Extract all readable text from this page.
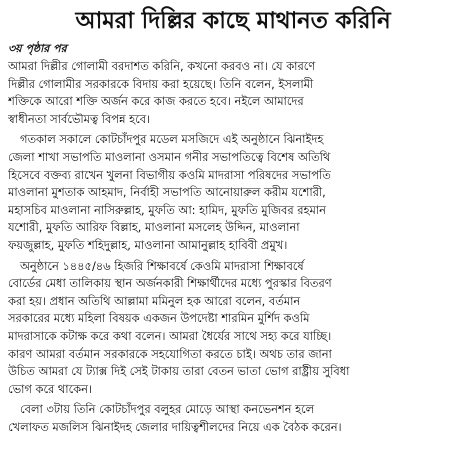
আমরা দিল্লির কাছে মাথানত করিনি
৩য় পৃষ্ঠার পর
আমরা দিল্লীর গোলামী বরদাশত করিনি, কখনো করবও না। যে কারণে
দিল্লীর গোলামীর সরকারকে বিদায় করা হয়েছে। তিনি বলেন, ইসলামী
শক্তিকে আরো শক্তি অর্জন করে কাজ করতে হবে। নইলে আমাদের
স্বাধীনতা সার্বভৌমত্ব বিপন্ন হবে।
গতকাল সকালে কোটচাঁদপুর মডেল মসজিদে এই অনুষ্ঠানে ঝিনাইদহ
জেলা শাখা সভাপতি মাওলানা ওসমান গনীর সভাপতিত্বে বিশেষ অতিথি
হিসেবে বক্তব্য রাখেন খুলনা বিভাগীয় কওমি মাদরাসা পরিষদের সভাপতি
মাওলানা মুশতাক আহমাদ, নির্বাহী সভাপতি আনোয়ারুল করীম যশোরী,
মহাসচিব মাওলানা নাসিরুল্লাহ, মুফতি আ: হামিদ, মুফতি মুজিবর রহমান
যশোরী, মুফতি আরিফ বিল্লাহ, মাওলানা মসলেহ উদ্দিন, মাওলানা
ফয়জুল্লাহ, মুফতি শহিদুল্লাহ, মাওলানা আমানুল্লাহ হাবিবী প্রমুখ।
অনুষ্ঠানে ১৪৪৫/৪৬ হিজরি শিক্ষাবর্ষে কেওমি মাদরাসা শিক্ষাবর্ষে
বোর্ডের মেধা তালিকায় স্থান অর্জনকারী শিক্ষার্থীদের মধ্যে পুরস্কার বিতরণ
করা হয়। প্রধান অতিথি আল্লামা মমিনুল হক আরো বলেন, বর্তমান
সরকারের মধ্যে মহিলা বিষয়ক একজন উপদেষ্টা শারমিন মুর্শিদ কওমি
মাদরাসাকে কটাক্ষ করে কথা বলেন। আমরা ধৈর্যের সাথে সহ্য করে যাচ্ছি।
কারণ আমরা বর্তমান সরকারকে সহযোগিতা করতে চাই। অথচ তার জানা
উচিত আমরা যে ট্যাক্স দিই সেই টাকায় তারা বেতন ভাতা ভোগ রাষ্ট্রীয় সুবিধা
ভোগ করে থাকেন।
বেলা ৩টায় তিনি কোটচাঁদপুর বলুহর মোড়ে আস্থা কনভেনশন হলে
খেলাফত মজলিস ঝিনাইদহ জেলার দায়িত্বশীলদের নিয়ে এক বৈঠক করেন।
